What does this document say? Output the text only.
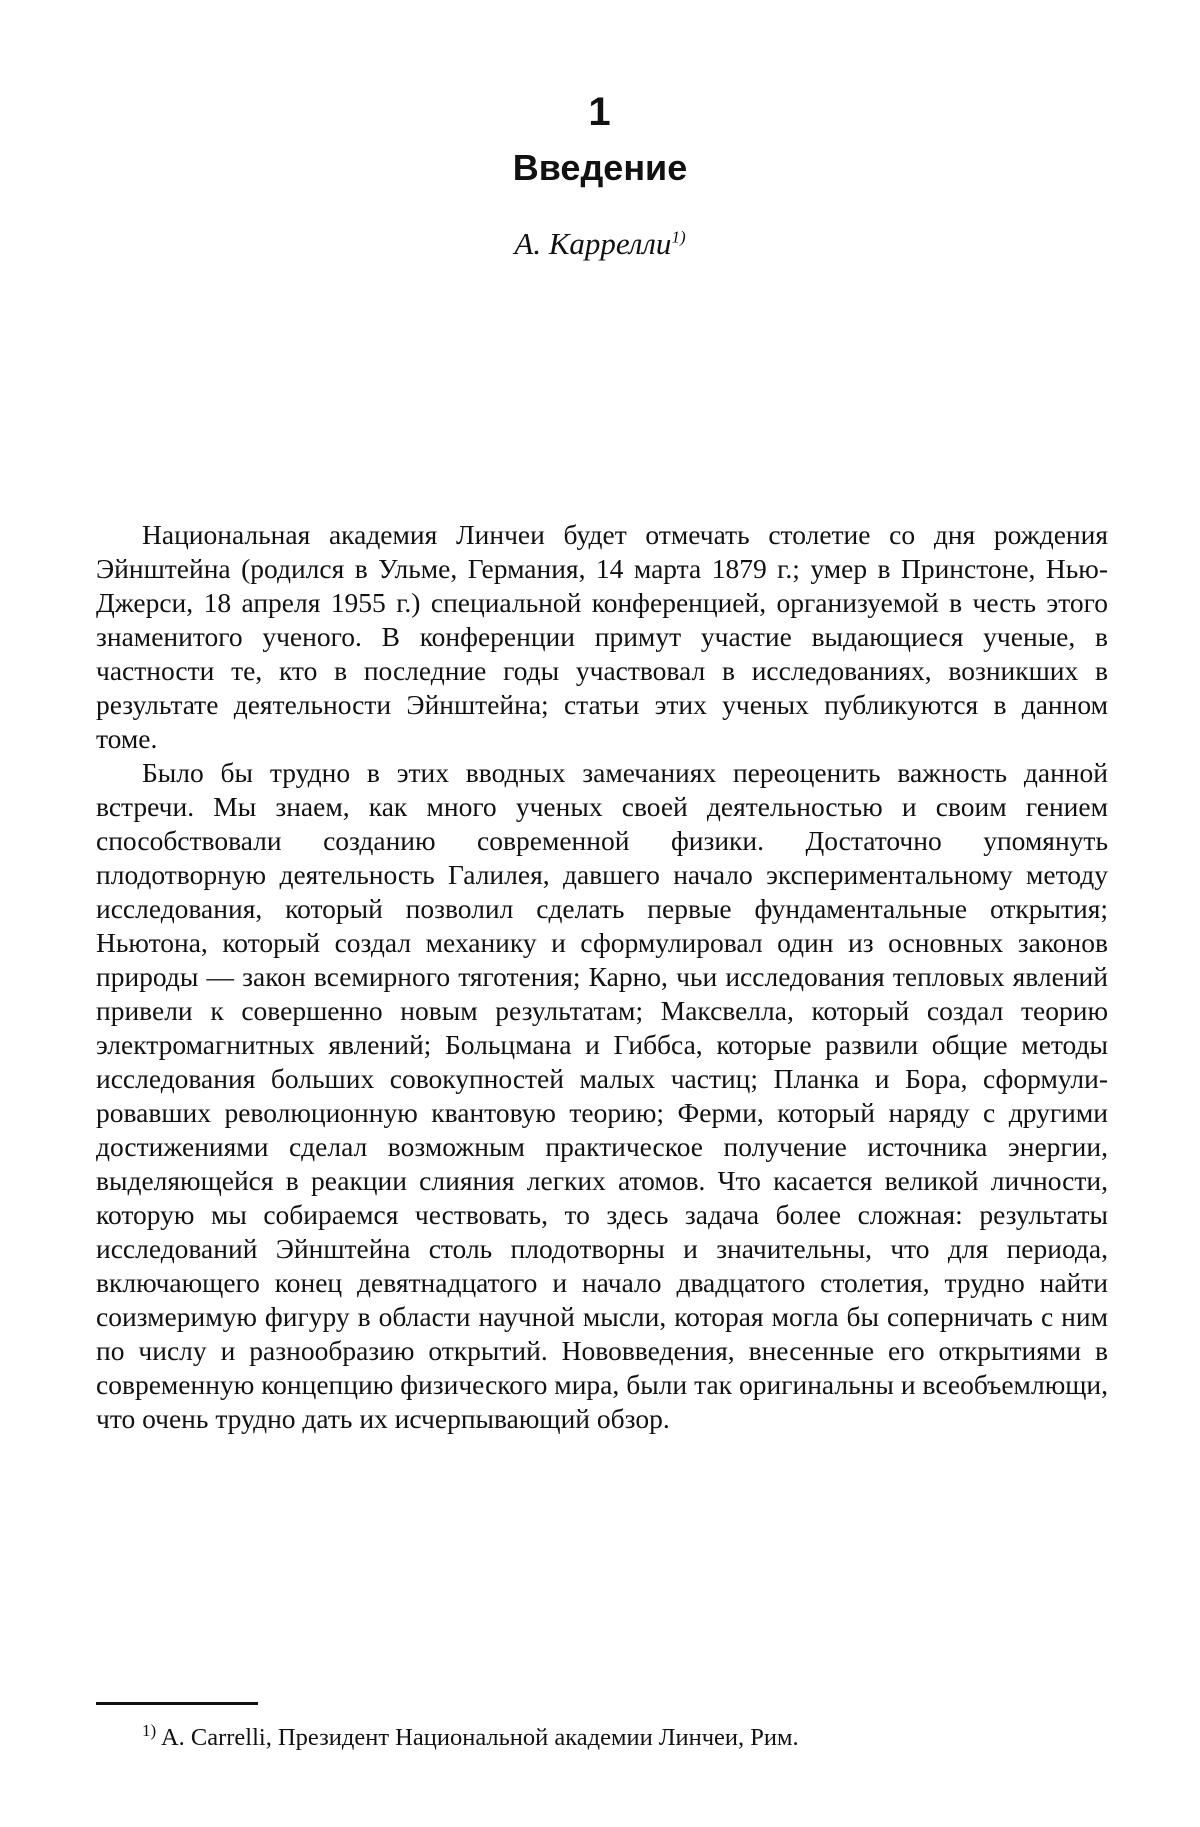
1
Введение
А. Каррелли$^{1)}$

Национальная академия Линчеи будет отмечать столетие со дня рождения Эйнштейна (родился в Ульме, Германия, 14 марта 1879 г.; умер в Принстоне, Нью-Джерси, 18 апреля 1955 г.) специальной конференцией, организуемой в честь этого знаменитого ученого. В конференции примут участие выдающиеся ученые, в частности те, кто в последние годы участвовал в исследованиях, возникших в результате деятельности Эйнштейна; статьи этих ученых публикуются в данном томе.

Было бы трудно в этих вводных замечаниях переоценить важность данной встречи. Мы знаем, как много ученых своей деятельностью и своим гением способствовали созданию современной физики. Достаточно упомянуть плодотворную деятельность Галилея, давшего начало экспериментальному методу исследования, который позволил сделать первые фундаментальные открытия; Ньютона, который создал механику и сформулировал один из основных законов природы — закон всемирного тяготения; Карно, чьи исследования тепловых явлений привели к совершенно новым результатам; Максвелла, который создал теорию электромагнитных явлений; Больцмана и Гиббса, которые развили общие методы исследования больших совокупностей малых частиц; Планка и Бора, сформулировавших революционную квантовую теорию; Ферми, который наряду с другими достижениями сделал возможным практическое получение источника энергии, выделяющейся в реакции слияния легких атомов. Что касается великой личности, которую мы собираемся чествовать, то здесь задача более сложная: результаты исследований Эйнштейна столь плодотворны и значительны, что для периода, включающего конец девятнадцатого и начало двадцатого столетия, трудно найти соизмеримую фигуру в области научной мысли, которая могла бы соперничать с ним по числу и разнообразию открытий. Нововведения, внесенные его открытиями в современную концепцию физического мира, были так оригинальны и всеобъемлющи, что очень трудно дать их исчерпывающий обзор.

$^{1)}$ A. Carrelli, Президент Национальной академии Линчеи, Рим.
